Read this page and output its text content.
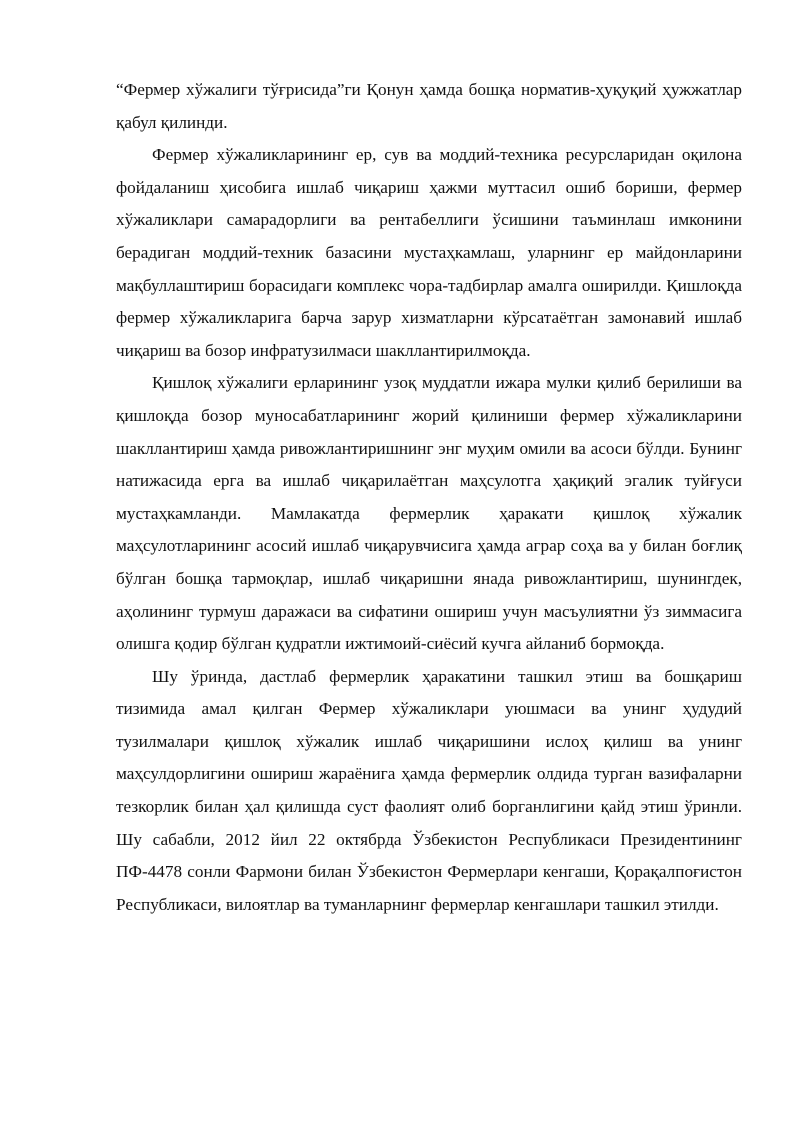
“Фермер хўжалиги тўғрисида”ги Қонун ҳамда бошқа норматив-ҳуқуқий ҳужжатлар қабул қилинди.

Фермер хўжаликларининг ер, сув ва моддий-техника ресурсларидан оқилона фойдаланиш ҳисобига ишлаб чиқариш ҳажми муттасил ошиб бориши, фермер хўжаликлари самарадорлиги ва рентабеллиги ўсишини таъминлаш имконини берадиган моддий-техник базасини мустаҳкамлаш, уларнинг ер майдонларини мақбуллаштириш борасидаги комплекс чора-тадбирлар амалга оширилди. Қишлоқда фермер хўжаликларига барча зарур хизматларни кўрсатаётган замонавий ишлаб чиқариш ва бозор инфратузилмаси шакллантирилмоқда.

Қишлоқ хўжалиги ерларининг узоқ муддатли ижара мулки қилиб берилиши ва қишлоқда бозор муносабатларининг жорий қилиниши фермер хўжаликларини шакллантириш ҳамда ривожлантиришнинг энг муҳим омили ва асоси бўлди. Бунинг натижасида ерга ва ишлаб чиқарилаётган маҳсулотга ҳақиқий эгалик туйғуси мустаҳкамланди. Мамлакатда фермерлик ҳаракати қишлоқ хўжалик маҳсулотларининг асосий ишлаб чиқарувчисига ҳамда аграр соҳа ва у билан боғлиқ бўлган бошқа тармоқлар, ишлаб чиқаришни янада ривожлантириш, шунингдек, аҳолининг турмуш даражаси ва сифатини ошириш учун масъулиятни ўз зиммасига олишга қодир бўлган қудратли ижтимоий-сиёсий кучга айланиб бормоқда.

Шу ўринда, дастлаб фермерлик ҳаракатини ташкил этиш ва бошқариш тизимида амал қилган Фермер хўжаликлари уюшмаси ва унинг ҳудудий тузилмалари қишлоқ хўжалик ишлаб чиқаришини ислоҳ қилиш ва унинг маҳсулдорлигини ошириш жараёнига ҳамда фермерлик олдида турган вазифаларни тезкорлик билан ҳал қилишда суст фаолият олиб борганлигини қайд этиш ўринли. Шу сабабли, 2012 йил 22 октябрда Ўзбекистон Республикаси Президентининг ПФ-4478 сонли Фармони билан Ўзбекистон Фермерлари кенгаши, Қорақалпоғистон Республикаси, вилоятлар ва туманларнинг фермерлар кенгашлари ташкил этилди.
